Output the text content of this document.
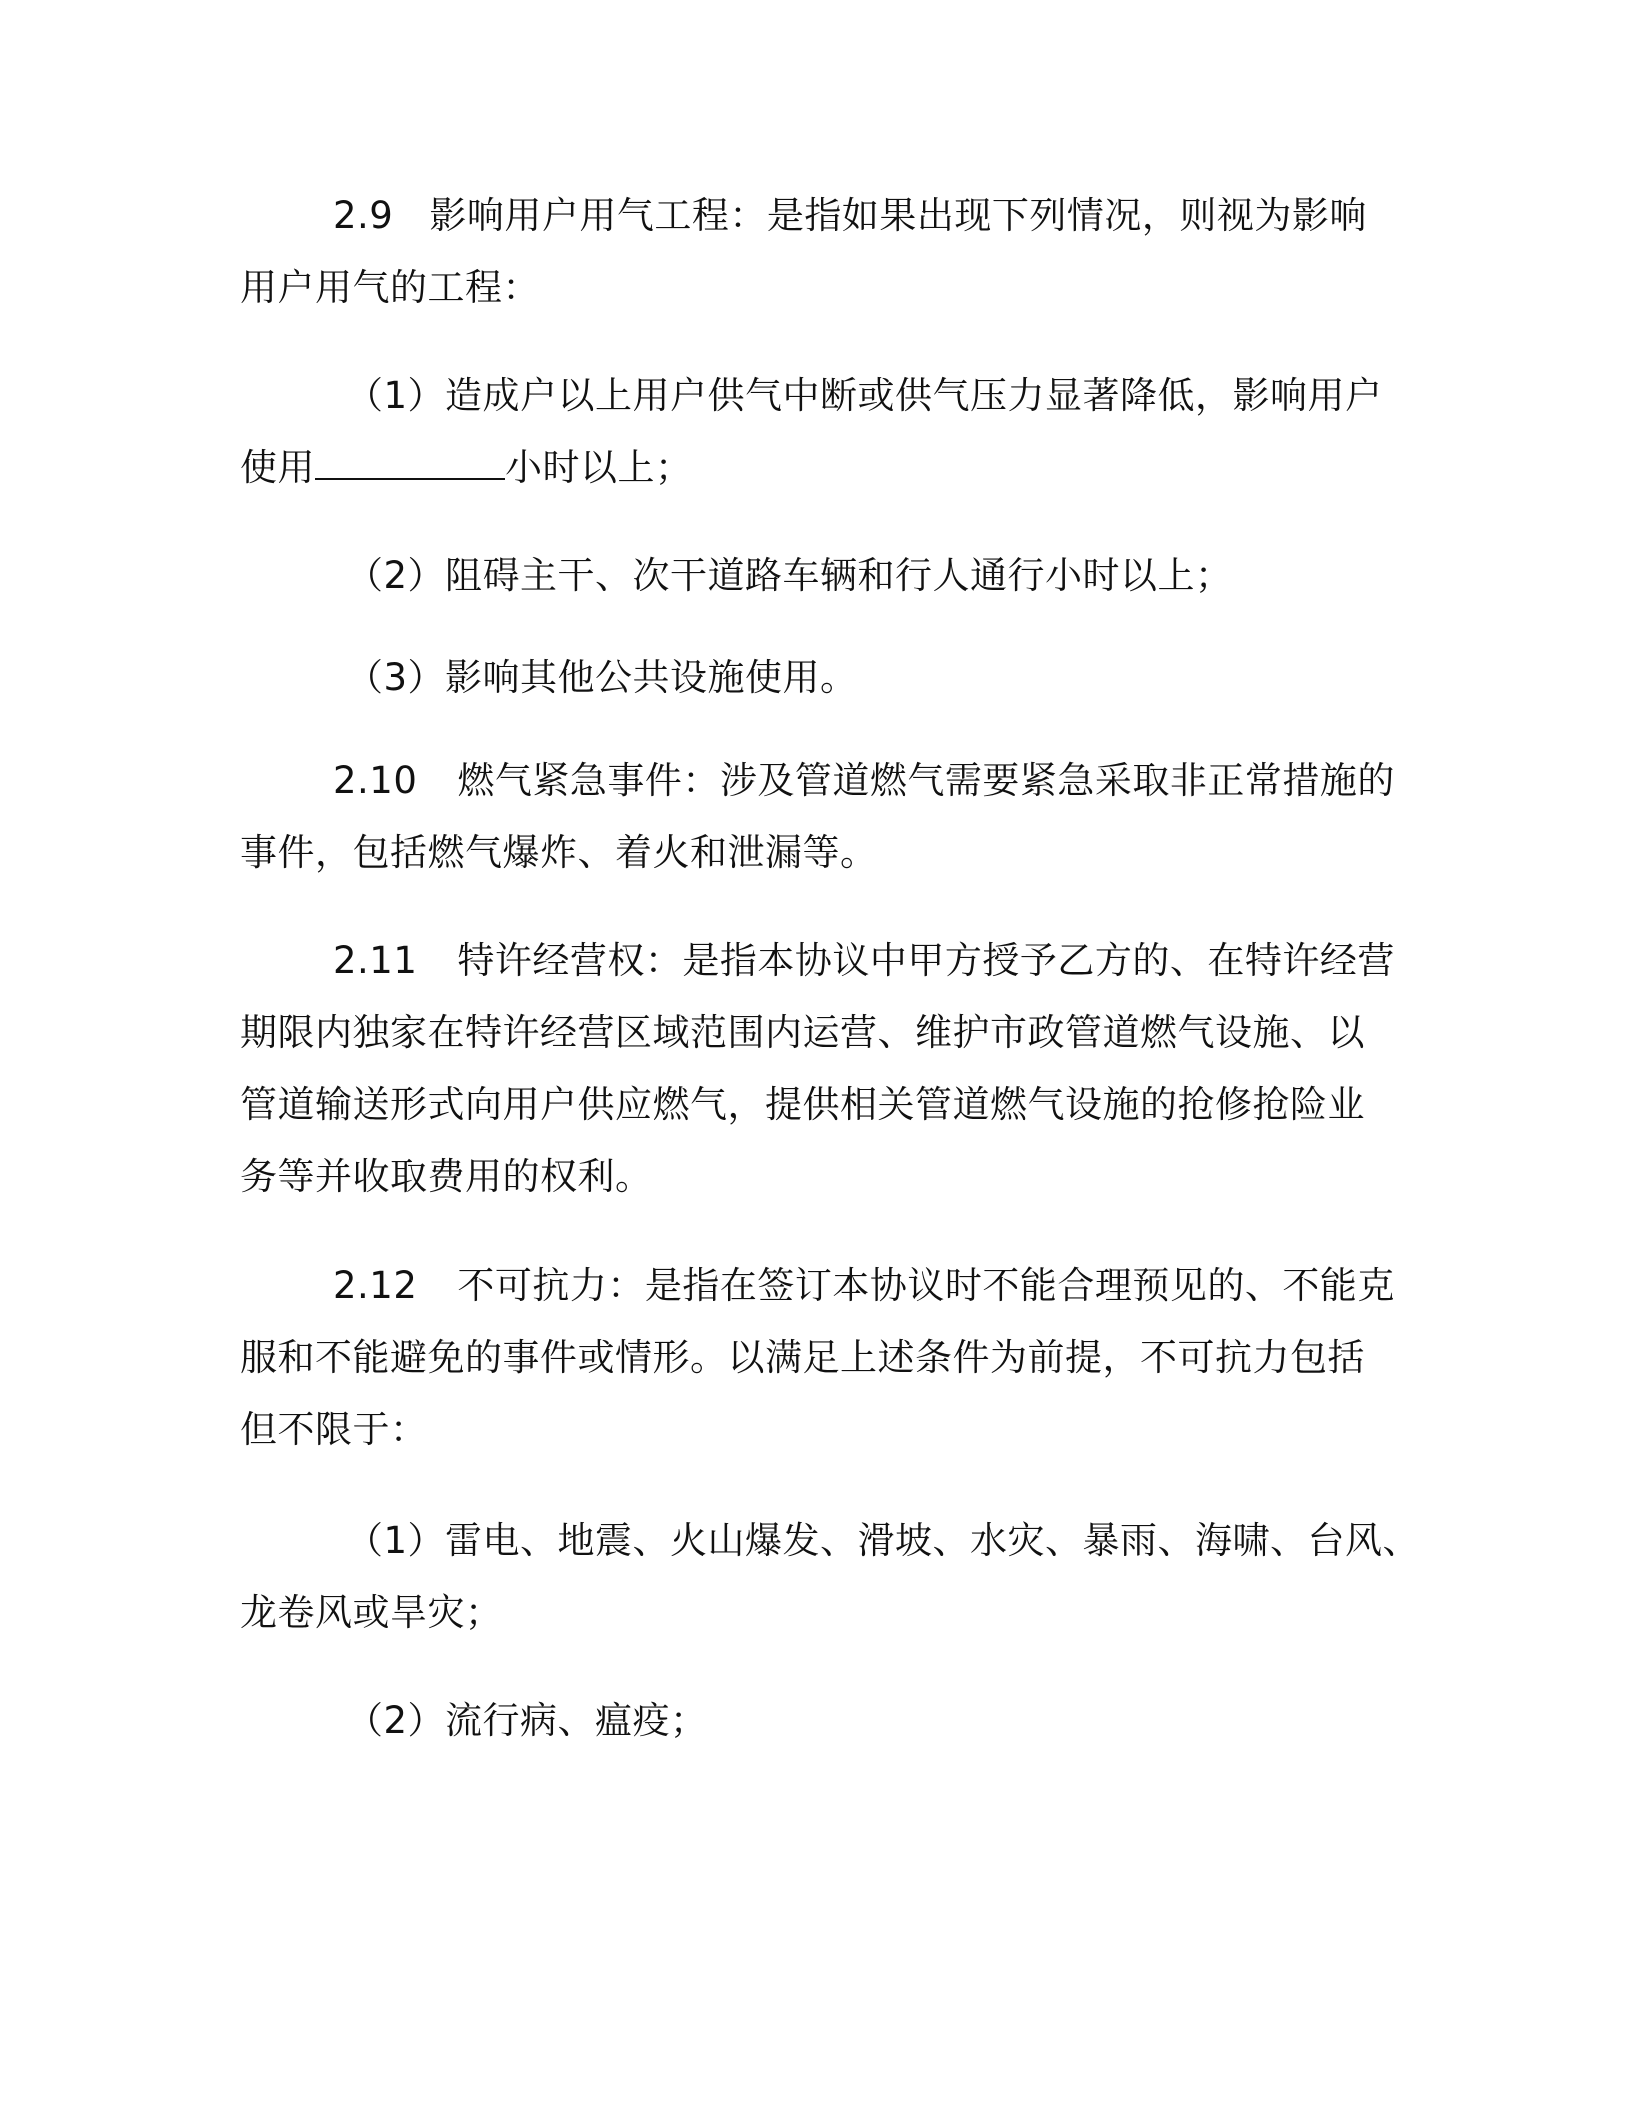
2.9 影响用户用气工程：是指如果出现下列情况，则视为影响
用户用气的工程：

（1）造成户以上用户供气中断或供气压力显著降低，影响用户
使用	小时以上；

（2）阻碍主干、次干道路车辆和行人通行小时以上；

（3）影响其他公共设施使用。

2.10 燃气紧急事件：涉及管道燃气需要紧急采取非正常措施的
事件，包括燃气爆炸、着火和泄漏等。

2.11 特许经营权：是指本协议中甲方授予乙方的、在特许经营
期限内独家在特许经营区域范围内运营、维护市政管道燃气设施、以
管道输送形式向用户供应燃气，提供相关管道燃气设施的抢修抢险业
务等并收取费用的权利。

2.12 不可抗力：是指在签订本协议时不能合理预见的、不能克
服和不能避免的事件或情形。以满足上述条件为前提，不可抗力包括
但不限于：

（1）雷电、地震、火山爆发、滑坡、水灾、暴雨、海啸、台风、
龙卷风或旱灾；

（2）流行病、瘟疫；
